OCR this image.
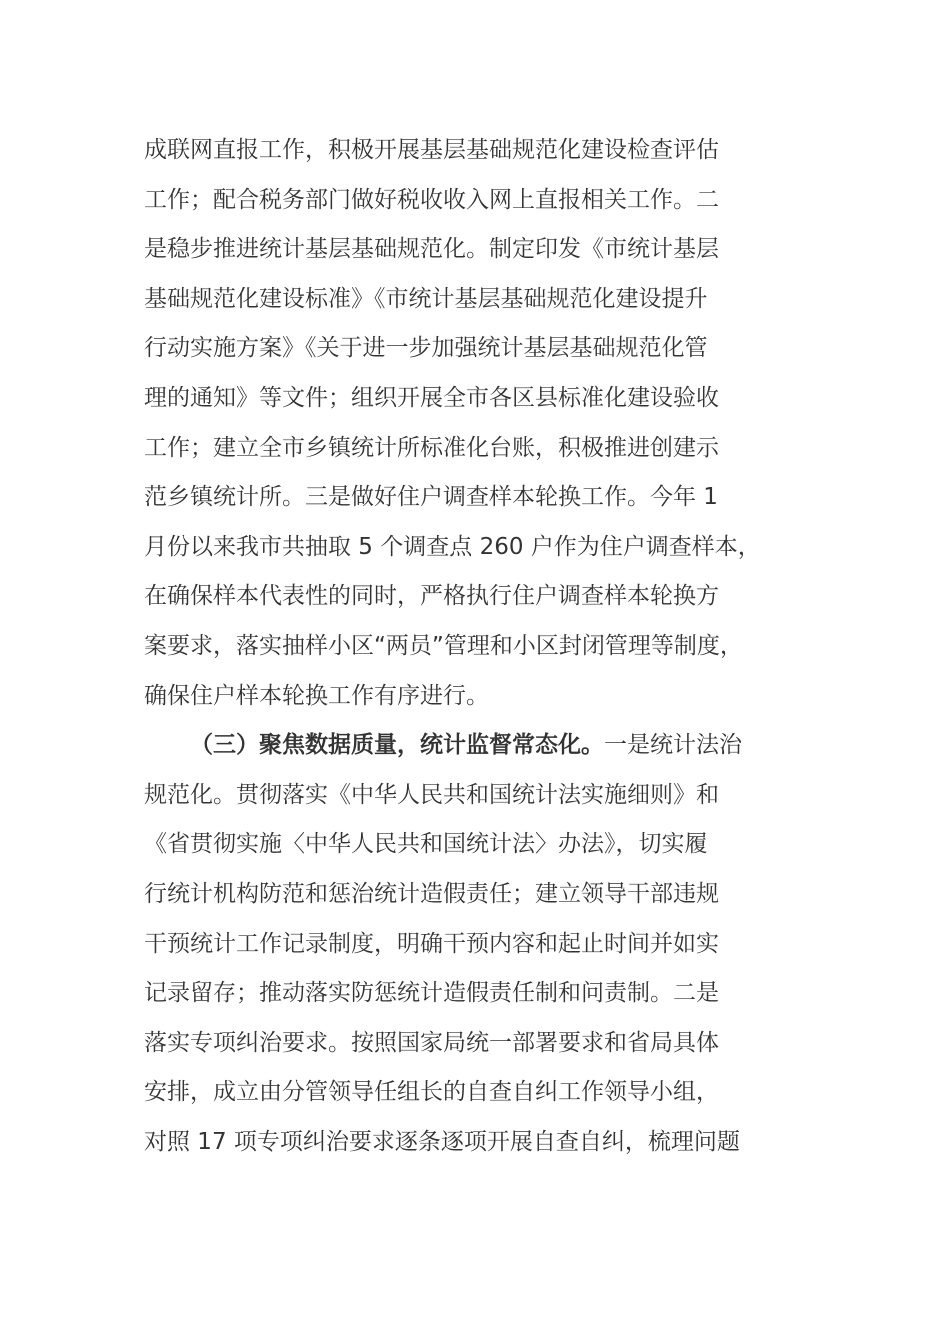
成联网直报工作，积极开展基层基础规范化建设检查评估
工作；配合税务部门做好税收收入网上直报相关工作。二
是稳步推进统计基层基础规范化。制定印发《市统计基层
基础规范化建设标准》《市统计基层基础规范化建设提升
行动实施方案》《关于进一步加强统计基层基础规范化管
理的通知》等文件；组织开展全市各区县标准化建设验收
工作；建立全市乡镇统计所标准化台账，积极推进创建示
范乡镇统计所。三是做好住户调查样本轮换工作。今年 1
月份以来我市共抽取 5 个调查点 260 户作为住户调查样本，
在确保样本代表性的同时，严格执行住户调查样本轮换方
案要求，落实抽样小区“两员”管理和小区封闭管理等制度，
确保住户样本轮换工作有序进行。
（三）聚焦数据质量，统计监督常态化。一是统计法治
规范化。贯彻落实《中华人民共和国统计法实施细则》和
《省贯彻实施〈中华人民共和国统计法〉办法》，切实履
行统计机构防范和惩治统计造假责任；建立领导干部违规
干预统计工作记录制度，明确干预内容和起止时间并如实
记录留存；推动落实防惩统计造假责任制和问责制。二是
落实专项纠治要求。按照国家局统一部署要求和省局具体
安排，成立由分管领导任组长的自查自纠工作领导小组，
对照 17 项专项纠治要求逐条逐项开展自查自纠，梳理问题
